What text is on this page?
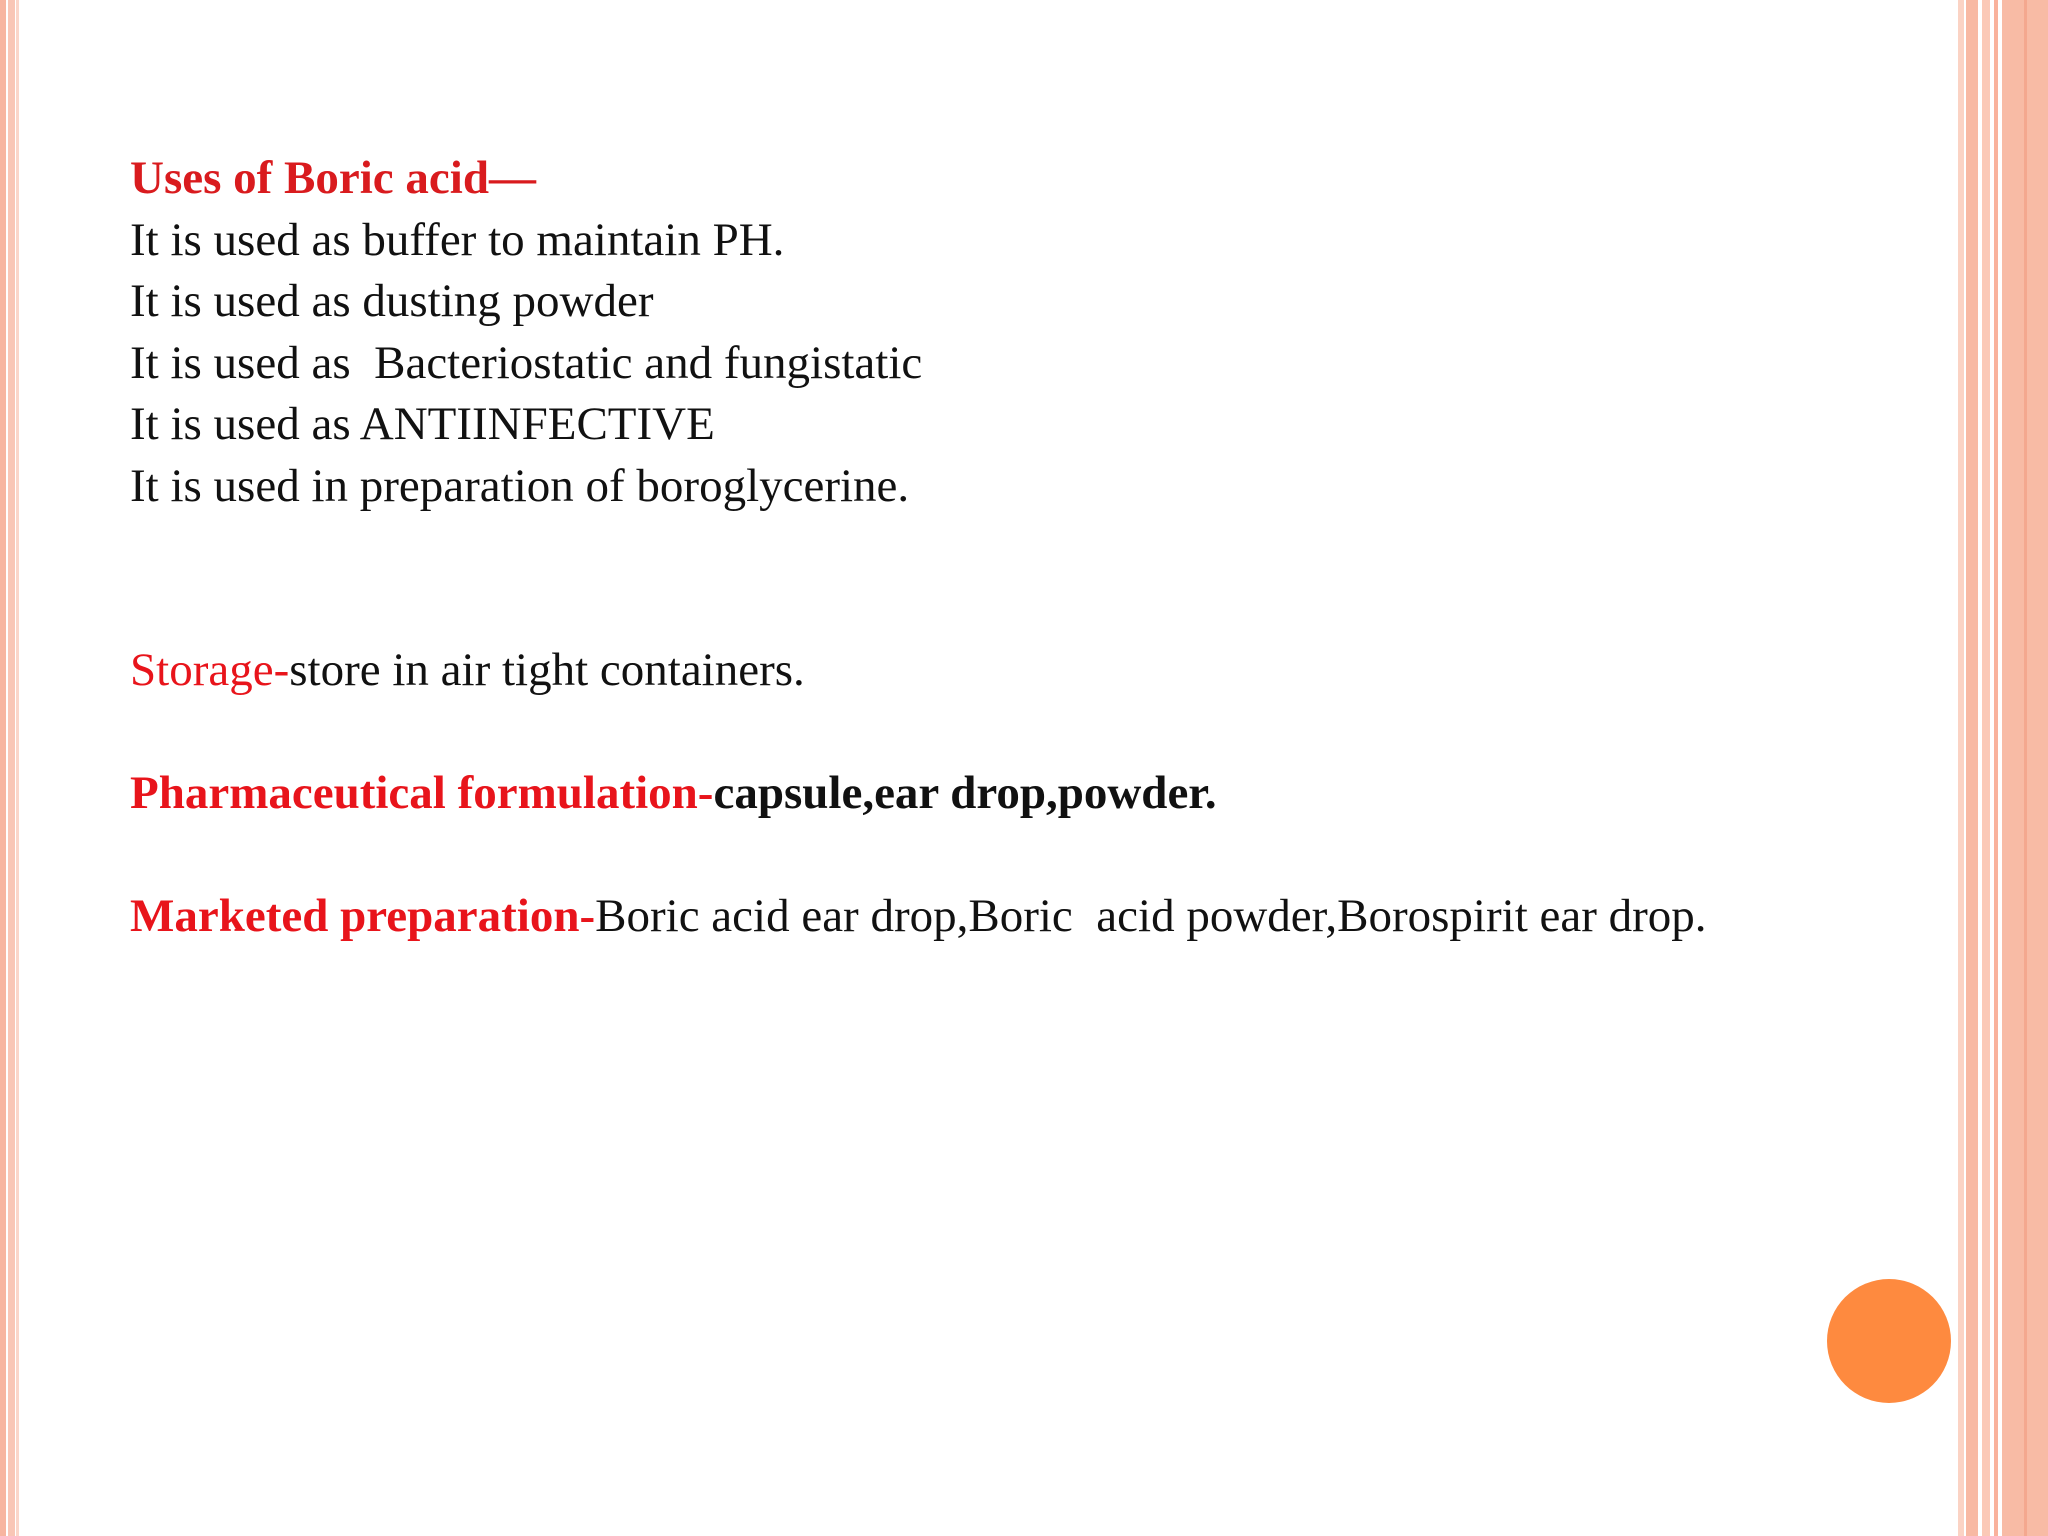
Uses of Boric acid—
It is used as buffer to maintain PH.
It is used as dusting powder
It is used as  Bacteriostatic and fungistatic
It is used as ANTIINFECTIVE
It is used in preparation of boroglycerine.
Storage-store in air tight containers.
Pharmaceutical formulation-capsule,ear drop,powder.
Marketed preparation-Boric acid ear drop,Boric  acid powder,Borospirit ear drop.
